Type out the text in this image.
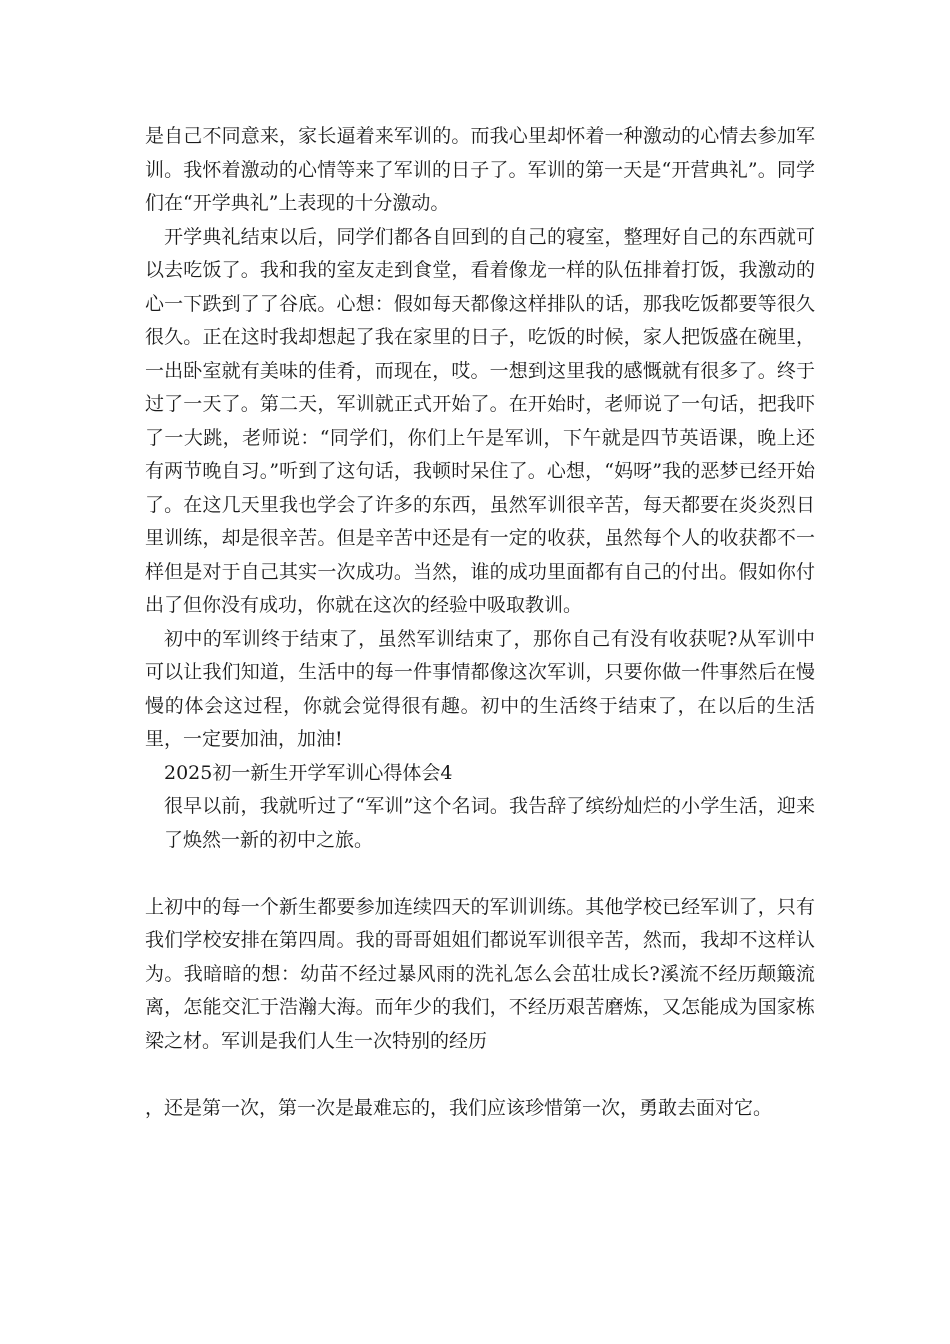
是自己不同意来，家长逼着来军训的。而我心里却怀着一种激动的心情去参加军训。我怀着激动的心情等来了军训的日子了。军训的第一天是“开营典礼”。同学们在“开学典礼”上表现的十分激动。

开学典礼结束以后，同学们都各自回到的自己的寝室，整理好自己的东西就可以去吃饭了。我和我的室友走到食堂，看着像龙一样的队伍排着打饭，我激动的心一下跌到了了谷底。心想：假如每天都像这样排队的话，那我吃饭都要等很久很久。正在这时我却想起了我在家里的日子，吃饭的时候，家人把饭盛在碗里，一出卧室就有美味的佳肴，而现在，哎。一想到这里我的感慨就有很多了。终于过了一天了。第二天，军训就正式开始了。在开始时，老师说了一句话，把我吓了一大跳，老师说：“同学们，你们上午是军训，下午就是四节英语课，晚上还有两节晚自习。”听到了这句话，我顿时呆住了。心想，“妈呀”我的恶梦已经开始了。在这几天里我也学会了许多的东西，虽然军训很辛苦，每天都要在炎炎烈日里训练，却是很辛苦。但是辛苦中还是有一定的收获，虽然每个人的收获都不一样但是对于自己其实一次成功。当然，谁的成功里面都有自己的付出。假如你付出了但你没有成功，你就在这次的经验中吸取教训。

初中的军训终于结束了，虽然军训结束了，那你自己有没有收获呢?从军训中可以让我们知道，生活中的每一件事情都像这次军训，只要你做一件事然后在慢慢的体会这过程，你就会觉得很有趣。初中的生活终于结束了，在以后的生活里，一定要加油，加油!

2025初一新生开学军训心得体会4

很早以前，我就听过了“军训”这个名词。我告辞了缤纷灿烂的小学生活，迎来了焕然一新的初中之旅。

上初中的每一个新生都要参加连续四天的军训训练。其他学校已经军训了，只有我们学校安排在第四周。我的哥哥姐姐们都说军训很辛苦，然而，我却不这样认为。我暗暗的想：幼苗不经过暴风雨的洗礼怎么会茁壮成长?溪流不经历颠簸流离，怎能交汇于浩瀚大海。而年少的我们，不经历艰苦磨炼，又怎能成为国家栋梁之材。军训是我们人生一次特别的经历

，还是第一次，第一次是最难忘的，我们应该珍惜第一次，勇敢去面对它。
